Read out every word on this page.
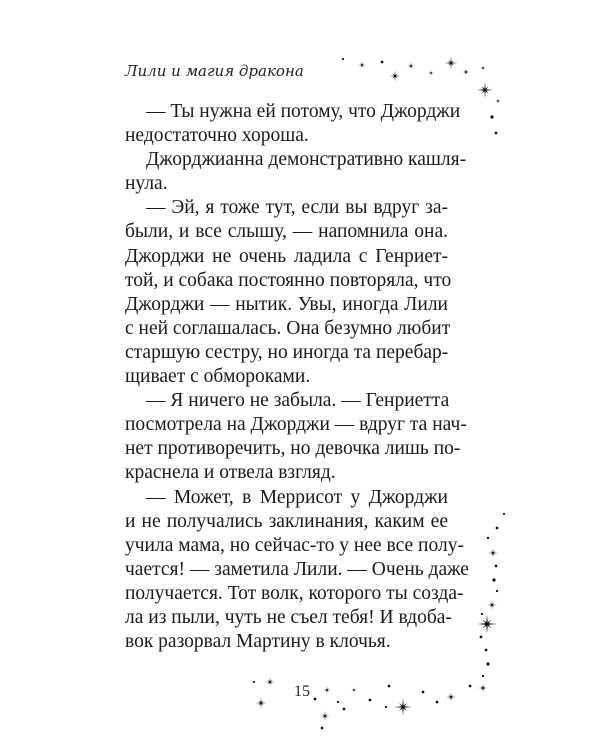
Лили и магия дракона
— Ты нужна ей потому, что Джорджи
недостаточно хороша.
Джорджианна демонстративно кашля-
нула.
— Эй, я тоже тут, если вы вдруг за-
были, и все слышу, — напомнила она.
Джорджи не очень ладила с Генриет-
той, и собака постоянно повторяла, что
Джорджи — нытик. Увы, иногда Лили
с ней соглашалась. Она безумно любит
старшую сестру, но иногда та перебар-
щивает с обмороками.
— Я ничего не забыла. — Генриетта
посмотрела на Джорджи — вдруг та нач-
нет противоречить, но девочка лишь по-
краснела и отвела взгляд.
— Может, в Меррисот у Джорджи
и не получались заклинания, каким ее
учила мама, но сейчас-то у нее все полу-
чается! — заметила Лили. — Очень даже
получается. Тот волк, которого ты созда-
ла из пыли, чуть не съел тебя! И вдоба-
вок разорвал Мартину в клочья.
15
